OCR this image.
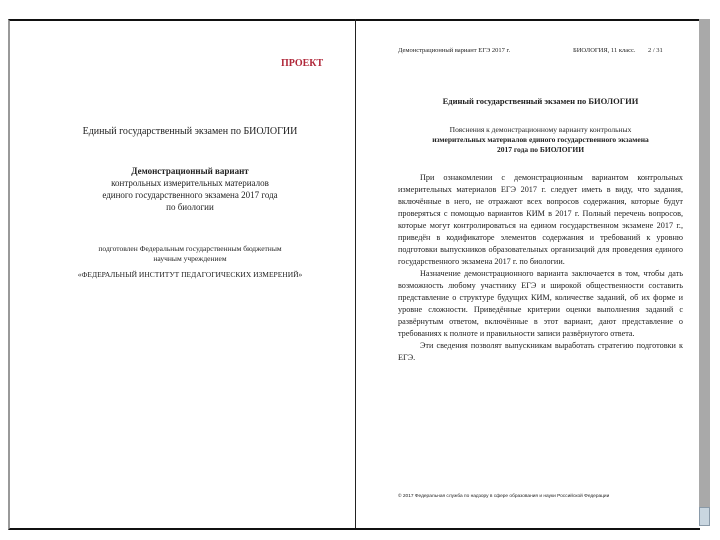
ПРОЕКТ
Единый государственный экзамен по БИОЛОГИИ
Демонстрационный вариант
контрольных измерительных материалов
единого государственного экзамена 2017 года
по биологии
подготовлен Федеральным государственным бюджетным
научным учреждением
«ФЕДЕРАЛЬНЫЙ ИНСТИТУТ ПЕДАГОГИЧЕСКИХ ИЗМЕРЕНИЙ»
Демонстрационный вариант ЕГЭ 2017 г.	БИОЛОГИЯ, 11 класс. 2 / 31
Единый государственный экзамен по БИОЛОГИИ
Пояснения к демонстрационному варианту контрольных
измерительных материалов единого государственного экзамена
2017 года по БИОЛОГИИ

При ознакомлении с демонстрационным вариантом контрольных измерительных материалов ЕГЭ 2017 г. следует иметь в виду, что задания, включённые в него, не отражают всех вопросов содержания, которые будут проверяться с помощью вариантов КИМ в 2017 г. Полный перечень вопросов, которые могут контролироваться на едином государственном экзамене 2017 г., приведён в кодификаторе элементов содержания и требований к уровню подготовки выпускников образовательных организаций для проведения единого государственного экзамена 2017 г. по биологии.

Назначение демонстрационного варианта заключается в том, чтобы дать возможность любому участнику ЕГЭ и широкой общественности составить представление о структуре будущих КИМ, количестве заданий, об их форме и уровне сложности. Приведённые критерии оценки выполнения заданий с развёрнутым ответом, включённые в этот вариант, дают представление о требованиях к полноте и правильности записи развёрнутого ответа.

Эти сведения позволят выпускникам выработать стратегию подготовки к ЕГЭ.

© 2017 Федеральная служба по надзору в сфере образования и науки Российской Федерации
